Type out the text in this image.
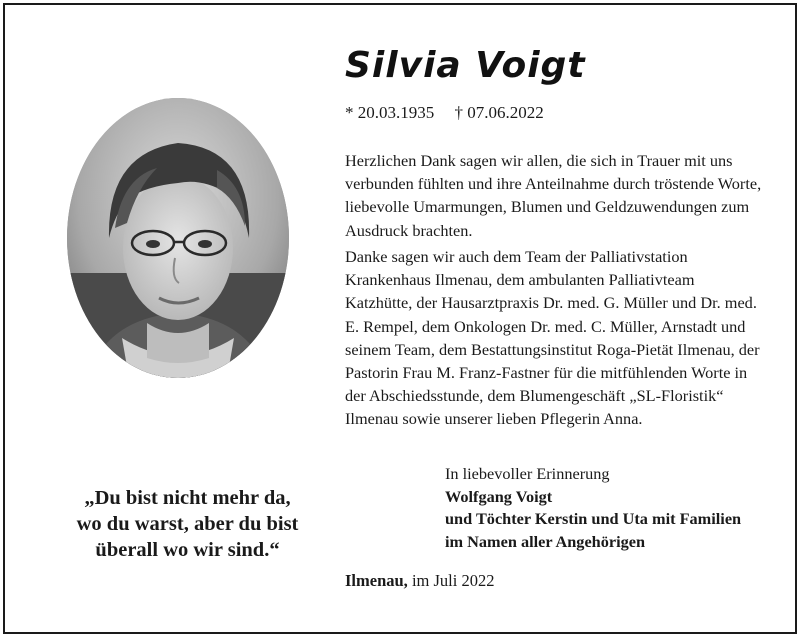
Silvia Voigt
* 20.03.1935 † 07.06.2022

Herzlichen Dank sagen wir allen, die sich in Trauer mit uns verbunden fühlten und ihre Anteilnahme durch tröstende Worte, liebevolle Umarmungen, Blumen und Geldzuwendungen zum Ausdruck brachten.

Danke sagen wir auch dem Team der Palliativstation Krankenhaus Ilmenau, dem ambulanten Palliativteam Katzhütte, der Hausarztpraxis Dr. med. G. Müller und Dr. med. E. Rempel, dem Onkologen Dr. med. C. Müller, Arnstadt und seinem Team, dem Bestattungsinstitut Roga-Pietät Ilmenau, der Pastorin Frau M. Franz-Fastner für die mitfühlenden Worte in der Abschiedsstunde, dem Blumengeschäft „SL-Floristik“ Ilmenau sowie unserer lieben Pflegerin Anna.

„Du bist nicht mehr da,
wo du warst, aber du bist
überall wo wir sind.“

In liebevoller Erinnerung
Wolfgang Voigt
und Töchter Kerstin und Uta mit Familien
im Namen aller Angehörigen
Ilmenau, im Juli 2022
